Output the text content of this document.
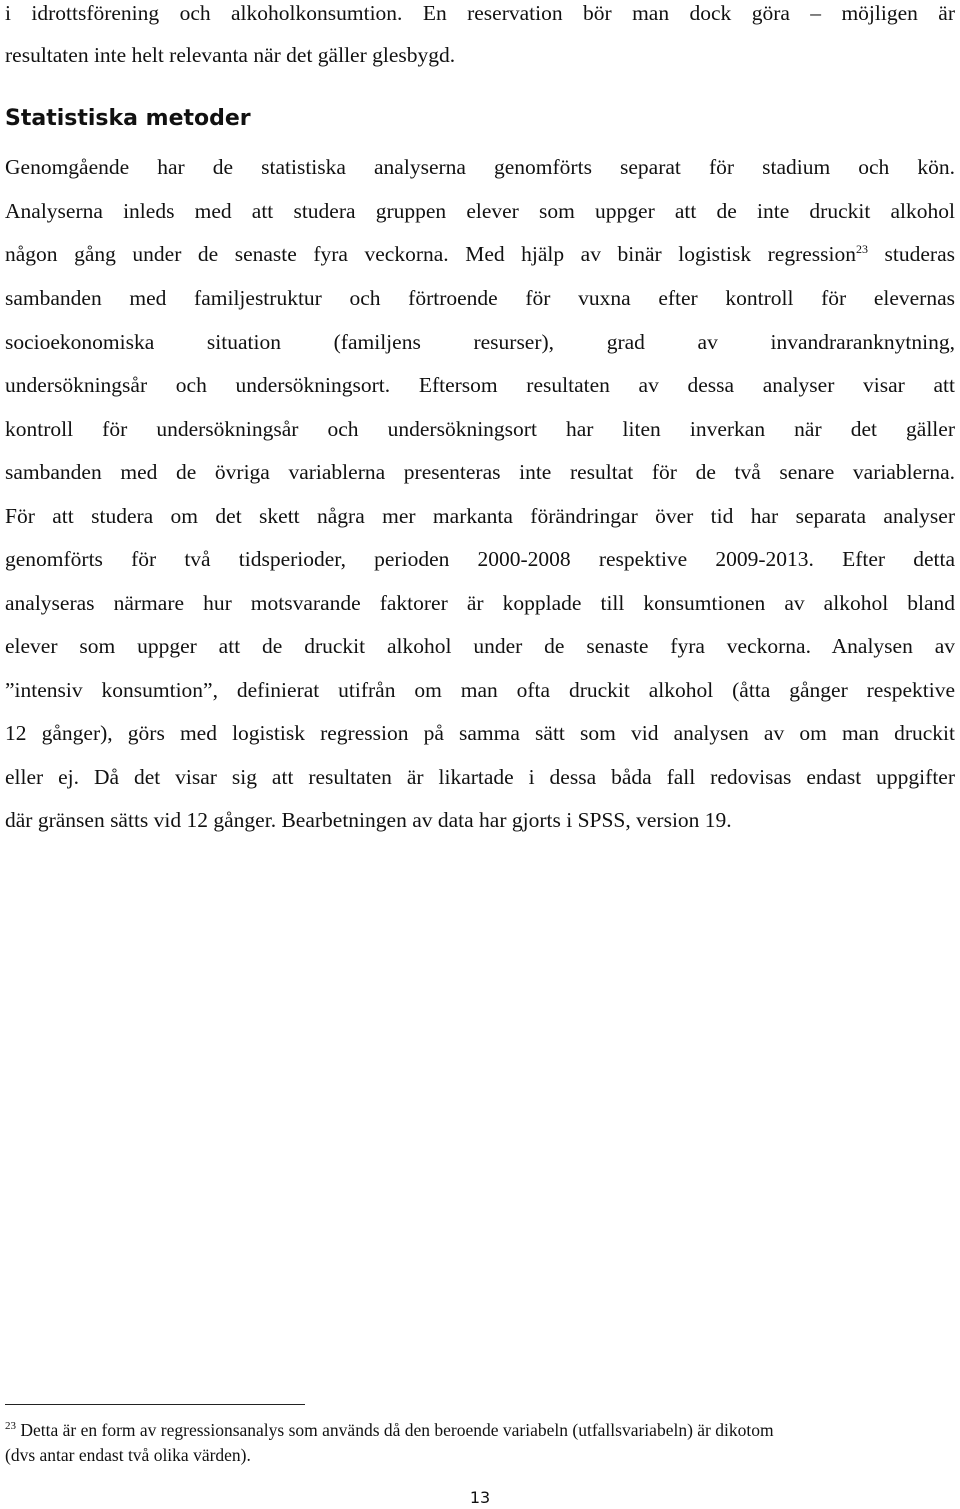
i idrottsförening och alkoholkonsumtion. En reservation bör man dock göra – möjligen är

resultaten inte helt relevanta när det gäller glesbygd.

Statistiska metoder

Genomgående har de statistiska analyserna genomförts separat för stadium och kön.

Analyserna inleds med att studera gruppen elever som uppger att de inte druckit alkohol

någon gång under de senaste fyra veckorna. Med hjälp av binär logistisk regression$^{23}$ studeras

sambanden med familjestruktur och förtroende för vuxna efter kontroll för elevernas

socioekonomiska situation (familjens resurser), grad av invandraranknytning,

undersökningsår och undersökningsort. Eftersom resultaten av dessa analyser visar att

kontroll för undersökningsår och undersökningsort har liten inverkan när det gäller

sambanden med de övriga variablerna presenteras inte resultat för de två senare variablerna.

För att studera om det skett några mer markanta förändringar över tid har separata analyser

genomförts för två tidsperioder, perioden 2000-2008 respektive 2009-2013. Efter detta

analyseras närmare hur motsvarande faktorer är kopplade till konsumtionen av alkohol bland

elever som uppger att de druckit alkohol under de senaste fyra veckorna. Analysen av

”intensiv konsumtion”, definierat utifrån om man ofta druckit alkohol (åtta gånger respektive

12 gånger), görs med logistisk regression på samma sätt som vid analysen av om man druckit

eller ej. Då det visar sig att resultaten är likartade i dessa båda fall redovisas endast uppgifter

där gränsen sätts vid 12 gånger. Bearbetningen av data har gjorts i SPSS, version 19.

$^{23}$ Detta är en form av regressionsanalys som används då den beroende variabeln (utfallsvariabeln) är dikotom

(dvs antar endast två olika värden).

13
